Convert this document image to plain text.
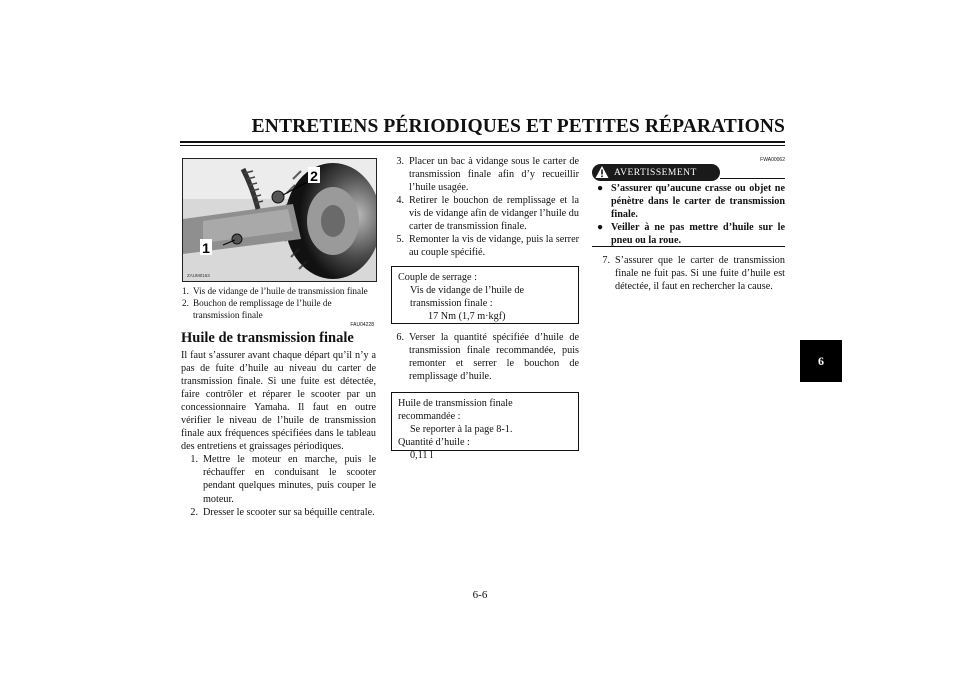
ENTRETIENS PÉRIODIQUES ET PETITES RÉPARATIONS
2
1
ZAUM0163
1. Vis de vidange de l’huile de transmission finale
2. Bouchon de remplissage de l’huile de transmission finale
FAU04228
Huile de transmission finale
Il faut s’assurer avant chaque départ qu’il n’y a pas de fuite d’huile au niveau du carter de transmission finale. Si une fuite est détectée, faire contrôler et réparer le scooter par un concessionnaire Yamaha. Il faut en outre vérifier le niveau de l’huile de transmission finale aux fréquences spécifiées dans le tableau des entretiens et graissages périodiques.
1. Mettre le moteur en marche, puis le réchauffer en conduisant le scooter pendant quelques minutes, puis couper le moteur.
2. Dresser le scooter sur sa béquille centrale.
3. Placer un bac à vidange sous le carter de transmission finale afin d’y recueillir l’huile usagée.
4. Retirer le bouchon de remplissage et la vis de vidange afin de vidanger l’huile du carter de transmission finale.
5. Remonter la vis de vidange, puis la serrer au couple spécifié.
Couple de serrage :
Vis de vidange de l’huile de transmission finale :
17 Nm (1,7 m·kgf)
6. Verser la quantité spécifiée d’huile de transmission finale recommandée, puis remonter et serrer le bouchon de remplissage d’huile.
Huile de transmission finale recommandée :
Se reporter à la page 8-1.
Quantité d’huile :
0,11 l
FWA00062
AVERTISSEMENT
● S’assurer qu’aucune crasse ou objet ne pénètre dans le carter de transmission finale.
● Veiller à ne pas mettre d’huile sur le pneu ou la roue.
7. S’assurer que le carter de transmission finale ne fuit pas. Si une fuite d’huile est détectée, il faut en rechercher la cause.
6
6-6
